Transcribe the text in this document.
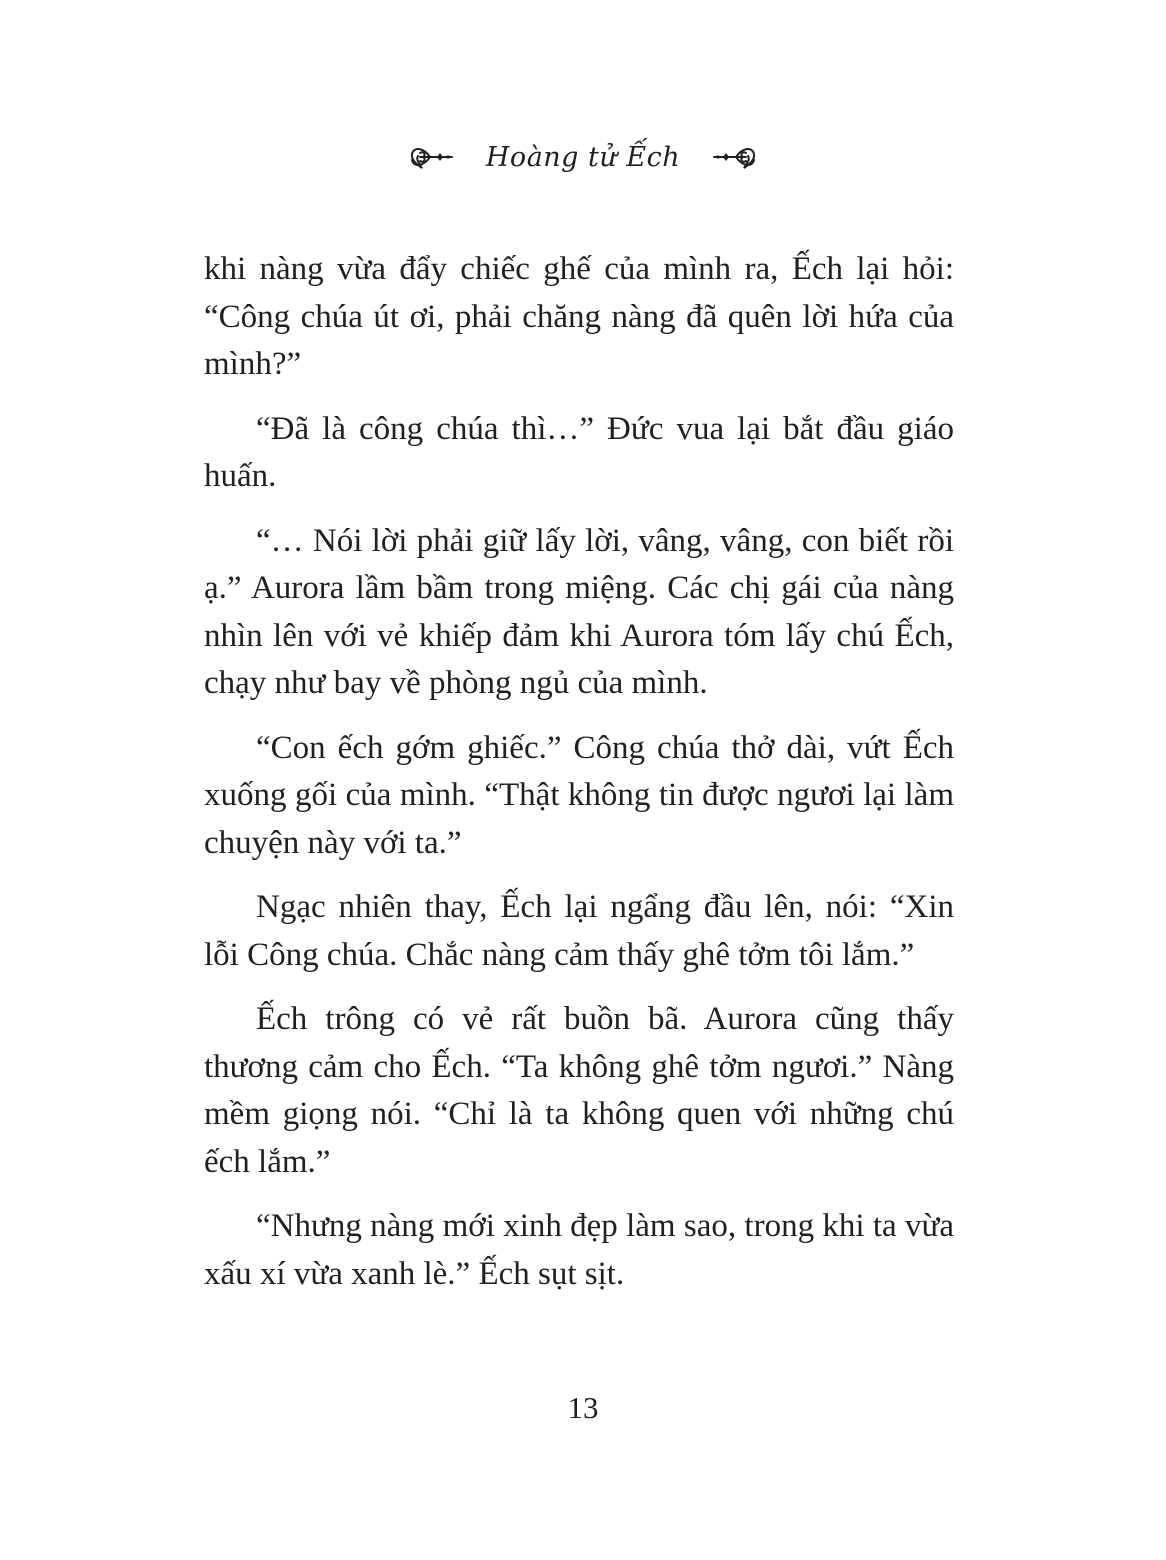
Hoàng tử Ếch

khi nàng vừa đẩy chiếc ghế của mình ra, Ếch lại hỏi: “Công chúa út ơi, phải chăng nàng đã quên lời hứa của mình?”

“Đã là công chúa thì…” Đức vua lại bắt đầu giáo huấn.

“… Nói lời phải giữ lấy lời, vâng, vâng, con biết rồi ạ.” Aurora lầm bầm trong miệng. Các chị gái của nàng nhìn lên với vẻ khiếp đảm khi Aurora tóm lấy chú Ếch, chạy như bay về phòng ngủ của mình.

“Con ếch gớm ghiếc.” Công chúa thở dài, vứt Ếch xuống gối của mình. “Thật không tin được ngươi lại làm chuyện này với ta.”

Ngạc nhiên thay, Ếch lại ngẩng đầu lên, nói: “Xin lỗi Công chúa. Chắc nàng cảm thấy ghê tởm tôi lắm.”

Ếch trông có vẻ rất buồn bã. Aurora cũng thấy thương cảm cho Ếch. “Ta không ghê tởm ngươi.” Nàng mềm giọng nói. “Chỉ là ta không quen với những chú ếch lắm.”

“Nhưng nàng mới xinh đẹp làm sao, trong khi ta vừa xấu xí vừa xanh lè.” Ếch sụt sịt.

13
